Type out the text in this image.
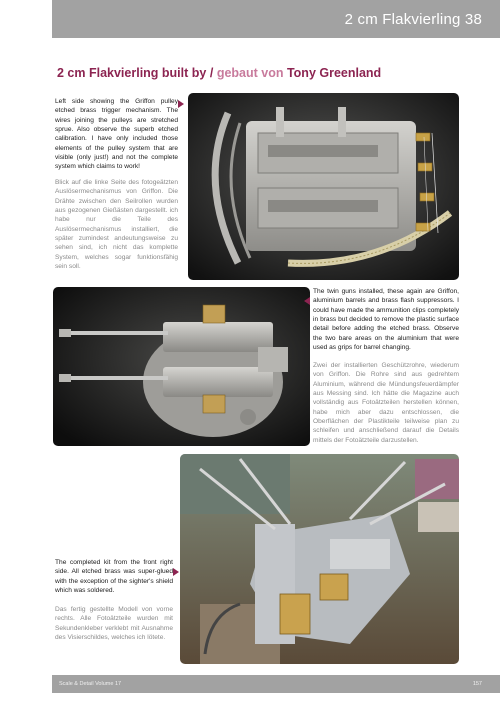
2 cm Flakvierling 38
2 cm Flakvierling built by / gebaut von Tony Greenland
Left side showing the Griffon pulley etched brass trigger mechanism. The wires joining the pulleys are stretched sprue. Also observe the superb etched calibration. I have only included those elements of the pulley system that are visible (only just!) and not the complete system which claims to work!
Blick auf die linke Seite des fotogeätzten Auslösermechanismus von Griffon. Die Drähte zwischen den Seilrollen wurden aus gezogenen Gießästen dargestellt. ich habe nur die Teile des Auslösermechanismus installiert, die später zumindest andeutungsweise zu sehen sind, ich nicht das komplette System, welches sogar funktionsfähig sein soll.
The twin guns installed, these again are Griffon, aluminium barrels and brass flash suppressors. I could have made the ammunition clips completely in brass but decided to remove the plastic surface detail before adding the etched brass. Observe the two bare areas on the aluminium that were used as grips for barrel changing.
Zwei der installierten Geschützrohre, wiederum von Griffon. Die Rohre sind aus gedrehtem Aluminium, während die Mündungsfeuerdämpfer aus Messing sind. Ich hätte die Magazine auch vollständig aus Fotoätzteilen herstellen können, habe mich aber dazu entschlossen, die Oberflächen der Plastikteile teilweise plan zu schleifen und anschließend darauf die Details mittels der Fotoätzteile darzustellen.
The completed kit from the front right side. All etched brass was super-glued with the exception of the sighter's shield which was soldered.
Das fertig gestellte Modell von vorne rechts. Alle Fotoätzteile wurden mit Sekundenkleber verklebt mit Ausnahme des Visierschildes, welches ich lötete.
Scale & Detail Volume 17	157
